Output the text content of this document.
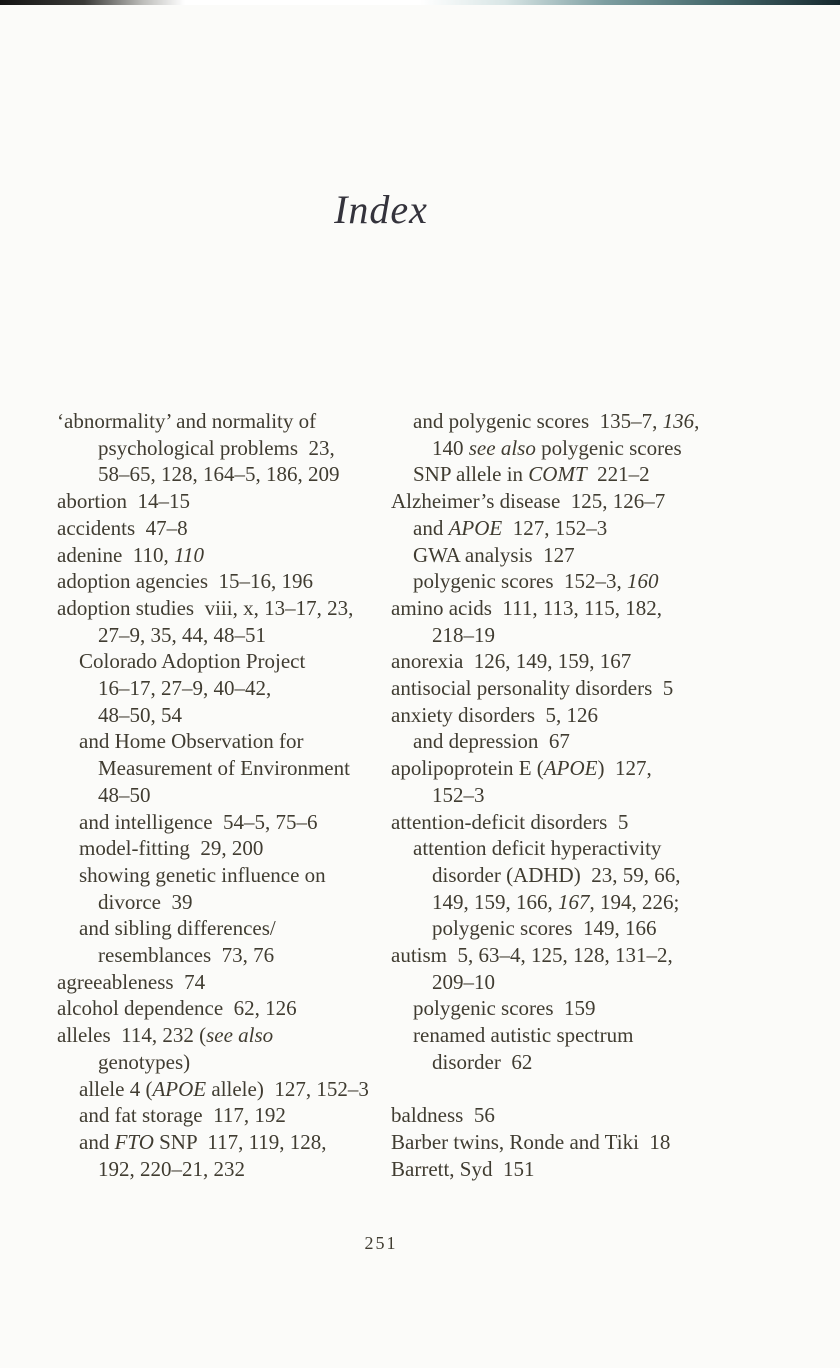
Index
‘abnormality’ and normality of
psychological problems  23,
58–65, 128, 164–5, 186, 209
abortion  14–15
accidents  47–8
adenine  110, 110
adoption agencies  15–16, 196
adoption studies  viii, x, 13–17, 23,
27–9, 35, 44, 48–51
Colorado Adoption Project
16–17, 27–9, 40–42,
48–50, 54
and Home Observation for
Measurement of Environment
48–50
and intelligence  54–5, 75–6
model-fitting  29, 200
showing genetic influence on
divorce  39
and sibling differences/
resemblances  73, 76
agreeableness  74
alcohol dependence  62, 126
alleles  114, 232 (see also
genotypes)
allele 4 (APOE allele)  127, 152–3
and fat storage  117, 192
and FTO SNP  117, 119, 128,
192, 220–21, 232
and polygenic scores  135–7, 136,
140 see also polygenic scores
SNP allele in COMT  221–2
Alzheimer’s disease  125, 126–7
and APOE  127, 152–3
GWA analysis  127
polygenic scores  152–3, 160
amino acids  111, 113, 115, 182,
218–19
anorexia  126, 149, 159, 167
antisocial personality disorders  5
anxiety disorders  5, 126
and depression  67
apolipoprotein E (APOE)  127,
152–3
attention-deficit disorders  5
attention deficit hyperactivity
disorder (ADHD)  23, 59, 66,
149, 159, 166, 167, 194, 226;
polygenic scores  149, 166
autism  5, 63–4, 125, 128, 131–2,
209–10
polygenic scores  159
renamed autistic spectrum
disorder  62
baldness  56
Barber twins, Ronde and Tiki  18
Barrett, Syd  151
251
